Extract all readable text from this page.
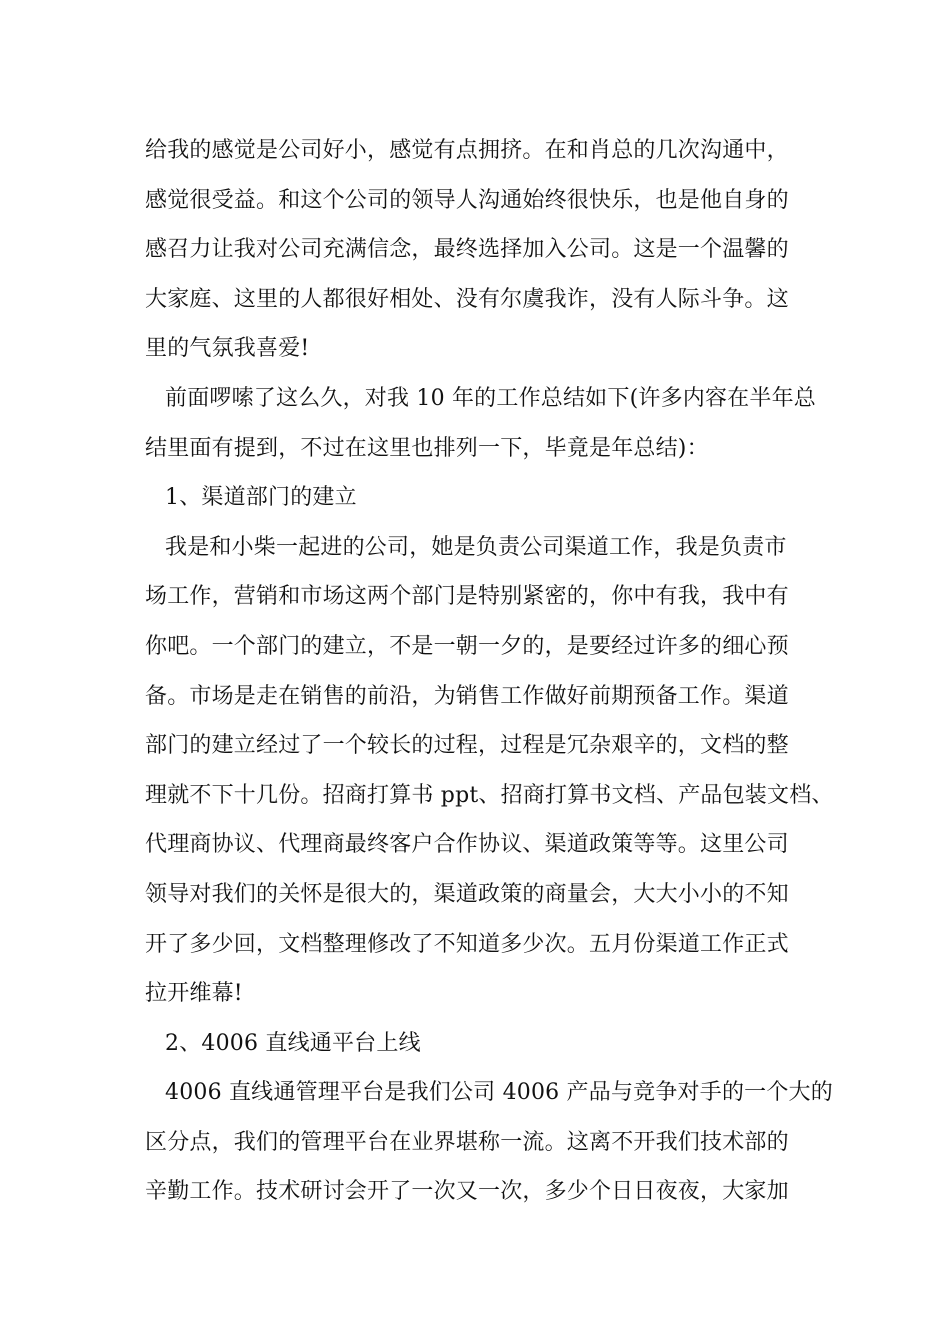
给我的感觉是公司好小，感觉有点拥挤。在和肖总的几次沟通中，
感觉很受益。和这个公司的领导人沟通始终很快乐，也是他自身的
感召力让我对公司充满信念，最终选择加入公司。这是一个温馨的
大家庭、这里的人都很好相处、没有尔虞我诈，没有人际斗争。这
里的气氛我喜爱!
前面啰嗦了这么久，对我 10 年的工作总结如下(许多内容在半年总
结里面有提到，不过在这里也排列一下，毕竟是年总结)：
1、渠道部门的建立
我是和小柴一起进的公司，她是负责公司渠道工作，我是负责市
场工作，营销和市场这两个部门是特别紧密的，你中有我，我中有
你吧。一个部门的建立，不是一朝一夕的，是要经过许多的细心预
备。市场是走在销售的前沿，为销售工作做好前期预备工作。渠道
部门的建立经过了一个较长的过程，过程是冗杂艰辛的，文档的整
理就不下十几份。招商打算书 ppt、招商打算书文档、产品包装文档、
代理商协议、代理商最终客户合作协议、渠道政策等等。这里公司
领导对我们的关怀是很大的，渠道政策的商量会，大大小小的不知
开了多少回，文档整理修改了不知道多少次。五月份渠道工作正式
拉开维幕!
2、4006 直线通平台上线
4006 直线通管理平台是我们公司 4006 产品与竞争对手的一个大的
区分点，我们的管理平台在业界堪称一流。这离不开我们技术部的
辛勤工作。技术研讨会开了一次又一次，多少个日日夜夜，大家加
